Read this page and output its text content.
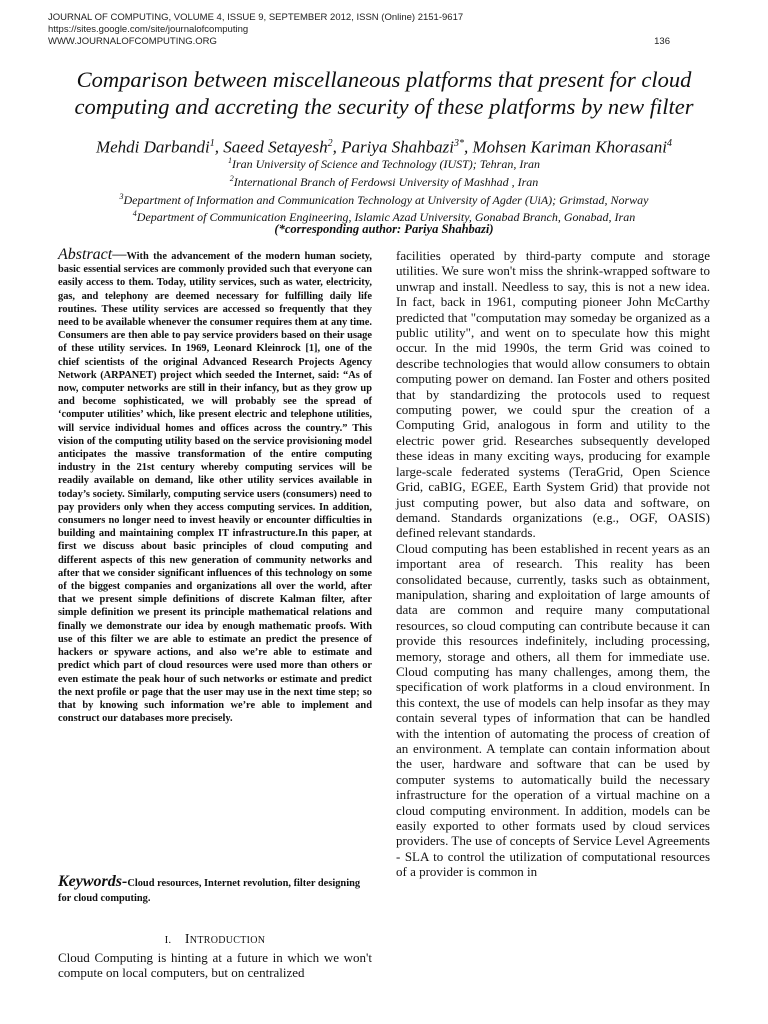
JOURNAL OF COMPUTING, VOLUME 4, ISSUE 9, SEPTEMBER 2012, ISSN (Online) 2151-9617
https://sites.google.com/site/journalofcomputing
WWW.JOURNALOFCOMPUTING.ORG	136
Comparison between miscellaneous platforms that present for cloud computing and accreting the security of these platforms by new filter
Mehdi Darbandi$^1$, Saeed Setayesh$^2$, Pariya Shahbazi$^{3*}$, Mohsen Kariman Khorasani$^4$
$^1$Iran University of Science and Technology (IUST); Tehran, Iran
$^2$International Branch of Ferdowsi University of Mashhad , Iran
$^3$Department of Information and Communication Technology at University of Agder (UiA); Grimstad, Norway
$^4$Department of Communication Engineering, Islamic Azad University, Gonabad Branch, Gonabad, Iran
(*corresponding author: Pariya Shahbazi)
Abstract—With the advancement of the modern human society, basic essential services are commonly provided such that everyone can easily access to them. Today, utility services, such as water, electricity, gas, and telephony are deemed necessary for fulfilling daily life routines. These utility services are accessed so frequently that they need to be available whenever the consumer requires them at any time. Consumers are then able to pay service providers based on their usage of these utility services. In 1969, Leonard Kleinrock [1], one of the chief scientists of the original Advanced Research Projects Agency Network (ARPANET) project which seeded the Internet, said: “As of now, computer networks are still in their infancy, but as they grow up and become sophisticated, we will probably see the spread of ‘computer utilities’ which, like present electric and telephone utilities, will service individual homes and offices across the country.” This vision of the computing utility based on the service provisioning model anticipates the massive transformation of the entire computing industry in the 21st century whereby computing services will be readily available on demand, like other utility services available in today’s society. Similarly, computing service users (consumers) need to pay providers only when they access computing services. In addition, consumers no longer need to invest heavily or encounter difficulties in building and maintaining complex IT infrastructure.In this paper, at first we discuss about basic principles of cloud computing and different aspects of this new generation of community networks and after that we consider significant influences of this technology on some of the biggest companies and organizations all over the world, after that we present simple definitions of discrete Kalman filter, after simple definition we present its principle mathematical relations and finally we demonstrate our idea by enough mathematic proofs. With use of this filter we are able to estimate an predict the presence of hackers or spyware actions, and also we’re able to estimate and predict which part of cloud resources were used more than others or even estimate the peak hour of such networks or estimate and predict the next profile or page that the user may use in the next time step; so that by knowing such information we’re able to implement and construct our databases more precisely.
Keywords-Cloud resources, Internet revolution, filter designing for cloud computing.
I. Introduction
Cloud Computing is hinting at a future in which we won't compute on local computers, but on centralized

facilities operated by third-party compute and storage utilities. We sure won't miss the shrink-wrapped software to unwrap and install. Needless to say, this is not a new idea. In fact, back in 1961, computing pioneer John McCarthy predicted that "computation may someday be organized as a public utility", and went on to speculate how this might occur. In the mid 1990s, the term Grid was coined to describe technologies that would allow consumers to obtain computing power on demand. Ian Foster and others posited that by standardizing the protocols used to request computing power, we could spur the creation of a Computing Grid, analogous in form and utility to the electric power grid. Researches subsequently developed these ideas in many exciting ways, producing for example large-scale federated systems (TeraGrid, Open Science Grid, caBIG, EGEE, Earth System Grid) that provide not just computing power, but also data and software, on demand. Standards organizations (e.g., OGF, OASIS) defined relevant standards.

Cloud computing has been established in recent years as an important area of research. This reality has been consolidated because, currently, tasks such as obtainment, manipulation, sharing and exploitation of large amounts of data are common and require many computational resources, so cloud computing can contribute because it can provide this resources indefinitely, including processing, memory, storage and others, all them for immediate use. Cloud computing has many challenges, among them, the specification of work platforms in a cloud environment. In this context, the use of models can help insofar as they may contain several types of information that can be handled with the intention of automating the process of creation of an environment. A template can contain information about the user, hardware and software that can be used by computer systems to automatically build the necessary infrastructure for the operation of a virtual machine on a cloud computing environment. In addition, models can be easily exported to other formats used by cloud services providers. The use of concepts of Service Level Agreements - SLA to control the utilization of computational resources of a provider is common in
